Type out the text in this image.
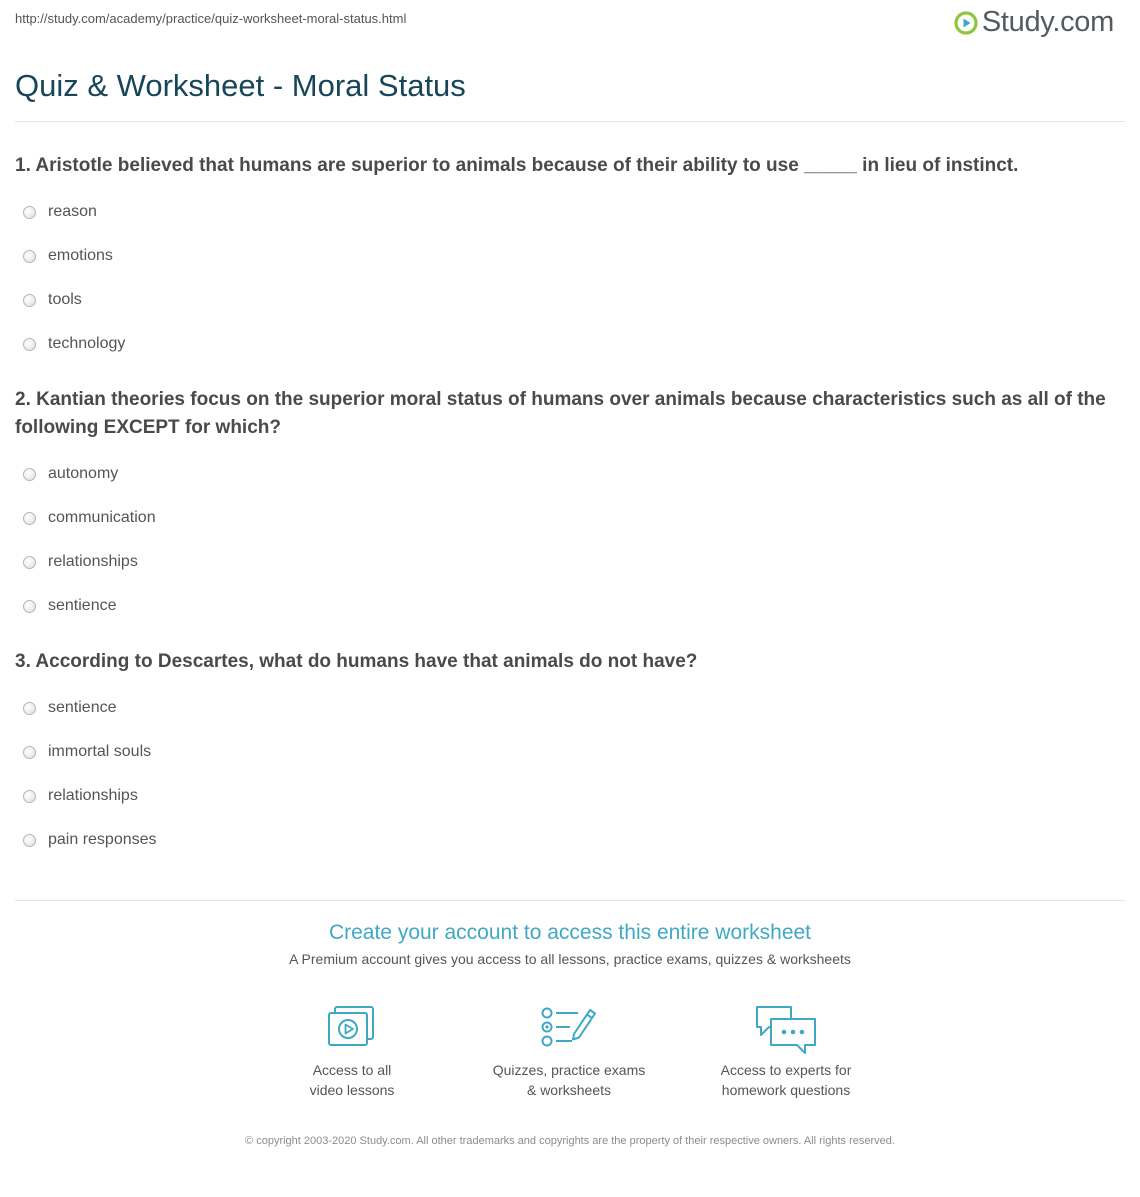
http://study.com/academy/practice/quiz-worksheet-moral-status.html	Study.com
Quiz & Worksheet - Moral Status

1. Aristotle believed that humans are superior to animals because of their ability to use _____ in lieu of instinct.

reason
emotions
tools
technology

2. Kantian theories focus on the superior moral status of humans over animals because characteristics such as all of the following EXCEPT for which?

autonomy
communication
relationships
sentience

3. According to Descartes, what do humans have that animals do not have?

sentience
immortal souls
relationships
pain responses

Create your account to access this entire worksheet

A Premium account gives you access to all lessons, practice exams, quizzes & worksheets
Access to all
video lessons
Quizzes, practice exams
& worksheets
Access to experts for
homework questions
© copyright 2003-2020 Study.com. All other trademarks and copyrights are the property of their respective owners. All rights reserved.
